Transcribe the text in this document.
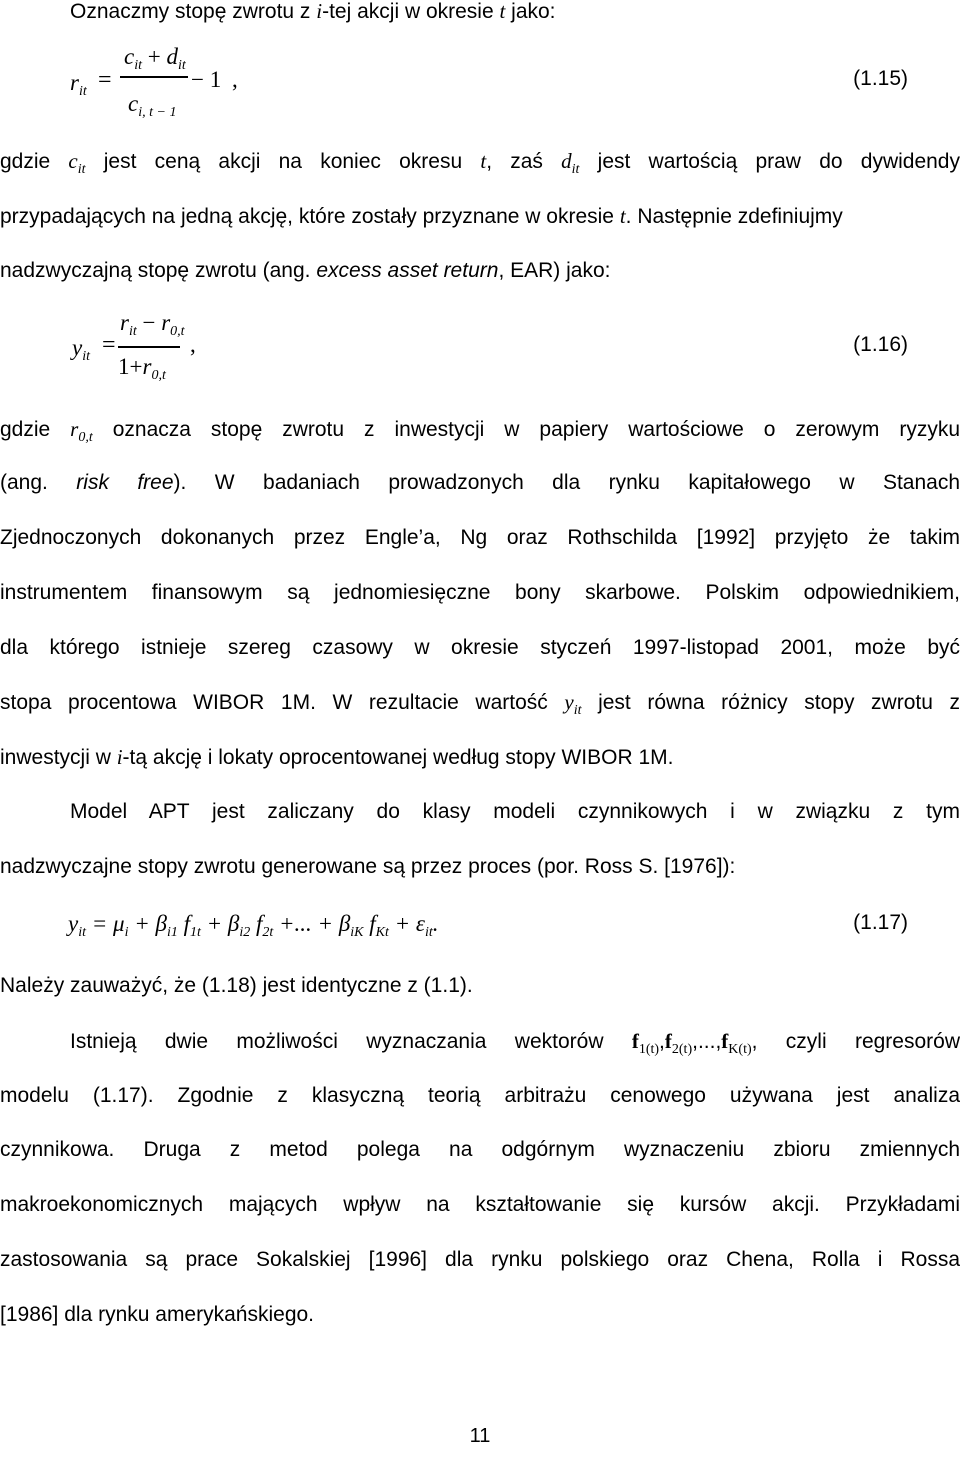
Oznaczmy stopę zwrotu z i-tej akcji w okresie t jako:
$r_{it}$ =
$c_{it} + d_{it}$
$c_{i, t - 1}$
− 1 ,	(1.15)
gdzie $c_{it}$ jest ceną akcji na koniec okresu t, zaś $d_{it}$ jest wartością praw do dywidendy
przypadających na jedną akcję, które zostały przyznane w okresie t. Następnie zdefiniujmy
nadzwyczajną stopę zwrotu (ang. excess asset return, EAR) jako:
$y_{it}$ =
$r_{it} - r_{0,t}$
$1+r_{0,t}$
,	(1.16)
gdzie $r_{0,t}$ oznacza stopę zwrotu z inwestycji w papiery wartościowe o zerowym ryzyku
(ang. risk free). W badaniach prowadzonych dla rynku kapitałowego w Stanach
Zjednoczonych dokonanych przez Engle’a, Ng oraz Rothschilda [1992] przyjęto że takim
instrumentem finansowym są jednomiesięczne bony skarbowe. Polskim odpowiednikiem,
dla którego istnieje szereg czasowy w okresie styczeń 1997-listopad 2001, może być
stopa procentowa WIBOR 1M. W rezultacie wartość $y_{it}$ jest równa różnicy stopy zwrotu z
inwestycji w i-tą akcję i lokaty oprocentowanej według stopy WIBOR 1M.
Model APT jest zaliczany do klasy modeli czynnikowych i w związku z tym
nadzwyczajne stopy zwrotu generowane są przez proces (por. Ross S. [1976]):
$y_{it} = \mu_i + \beta_{i1}$ $f_{1t} + \beta_{i2}$ $f_{2t}$ +... + $\beta_{iK}$ $f_{Kt} + \varepsilon_{it}$.	(1.17)
Należy zauważyć, że (1.18) jest identyczne z (1.1).
Istnieją dwie możliwości wyznaczania wektorów $f_{1(t)},f_{2(t)},...,f_{K(t)}$, czyli regresorów
modelu (1.17). Zgodnie z klasyczną teorią arbitrażu cenowego używana jest analiza
czynnikowa. Druga z metod polega na odgórnym wyznaczeniu zbioru zmiennych
makroekonomicznych mających wpływ na kształtowanie się kursów akcji. Przykładami
zastosowania są prace Sokalskiej [1996] dla rynku polskiego oraz Chena, Rolla i Rossa
[1986] dla rynku amerykańskiego.
11
